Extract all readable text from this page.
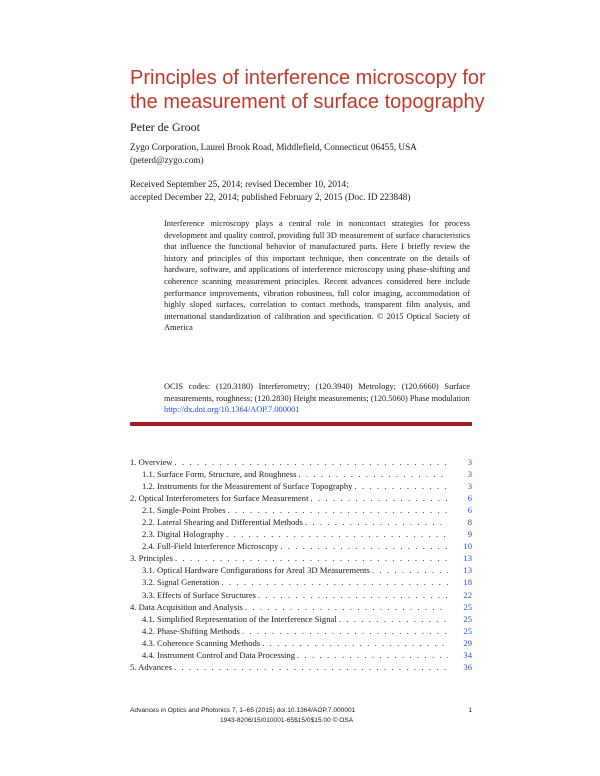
Principles of interference microscopy for
the measurement of surface topography
Peter de Groot
Zygo Corporation, Laurel Brook Road, Middlefield, Connecticut 06455, USA
(peterd@zygo.com)
Received September 25, 2014; revised December 10, 2014;
accepted December 22, 2014; published February 2, 2015 (Doc. ID 223848)
Interference microscopy plays a central role in noncontact strategies for process development and quality control, providing full 3D measurement of surface characteristics that influence the functional behavior of manufactured parts. Here I briefly review the history and principles of this important technique, then concentrate on the details of hardware, software, and applications of interference microscopy using phase-shifting and coherence scanning measurement principles. Recent advances considered here include performance improvements, vibration robustness, full color imaging, accommodation of highly sloped surfaces, correlation to contact methods, transparent film analysis, and international standardization of calibration and specification. © 2015 Optical Society of America
OCIS codes: (120.3180) Interferometry; (120.3940) Metrology; (120.6660) Surface measurements, roughness; (120.2830) Height measurements; (120.5060) Phase modulation
http://dx.doi.org/10.1364/AOP.7.000001
1. Overview . . .	3
1.1. Surface Form, Structure, and Roughness . . .	3
1.2. Instruments for the Measurement of Surface Topography . . .	3
2. Optical Interferometers for Surface Measurement . . .	6
2.1. Single-Point Probes . . .	6
2.2. Lateral Shearing and Differential Methods . . .	8
2.3. Digital Holography . . .	9
2.4. Full-Field Interference Microscopy . . .	10
3. Principles . . .	13
3.1. Optical Hardware Configurations for Areal 3D Measurements . . .	13
3.2. Signal Generation . . .	18
3.3. Effects of Surface Structures . . .	22
4. Data Acquisition and Analysis . . .	25
4.1. Simplified Representation of the Interference Signal . . .	25
4.2. Phase-Shifting Methods . . .	25
4.3. Coherence Scanning Methods . . .	29
4.4. Instrument Control and Data Processing . . .	34
5. Advances . . .	36
Advances in Optics and Photonics 7, 1–65 (2015) doi:10.1364/AOP.7.000001	1
1943-8206/15/010001-65$15/0$15.00 © OSA
